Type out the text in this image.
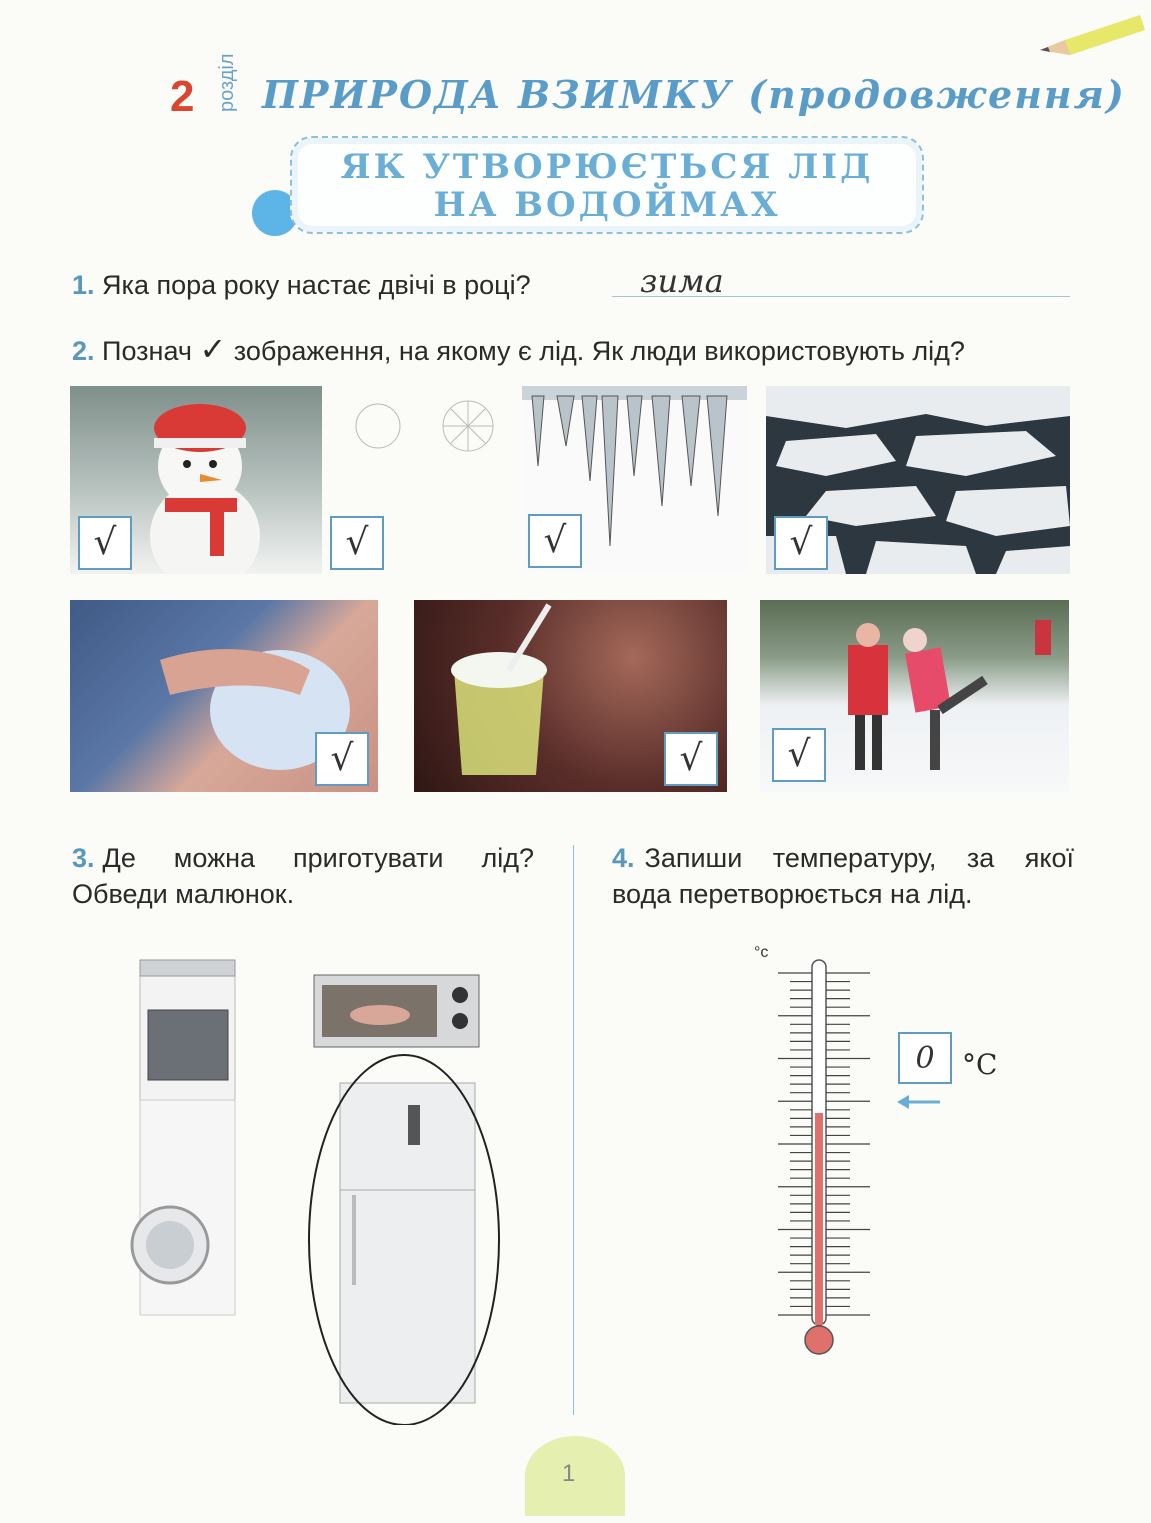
2 розділ ПРИРОДА ВЗИМКУ (продовження)
ЯК УТВОРЮЄТЬСЯ ЛІД
НА ВОДОЙМАХ
1. Яка пора року настає двічі в році?	зима
2. Познач ✓ зображення, на якому є лід. Як люди використовують лід?
√	√	√	√
√	√ √
3. Де можна приготувати лід?
Обведи малюнок.
4. Запиши температуру, за якої
вода перетворюється на лід.
°c
0 °C
1
